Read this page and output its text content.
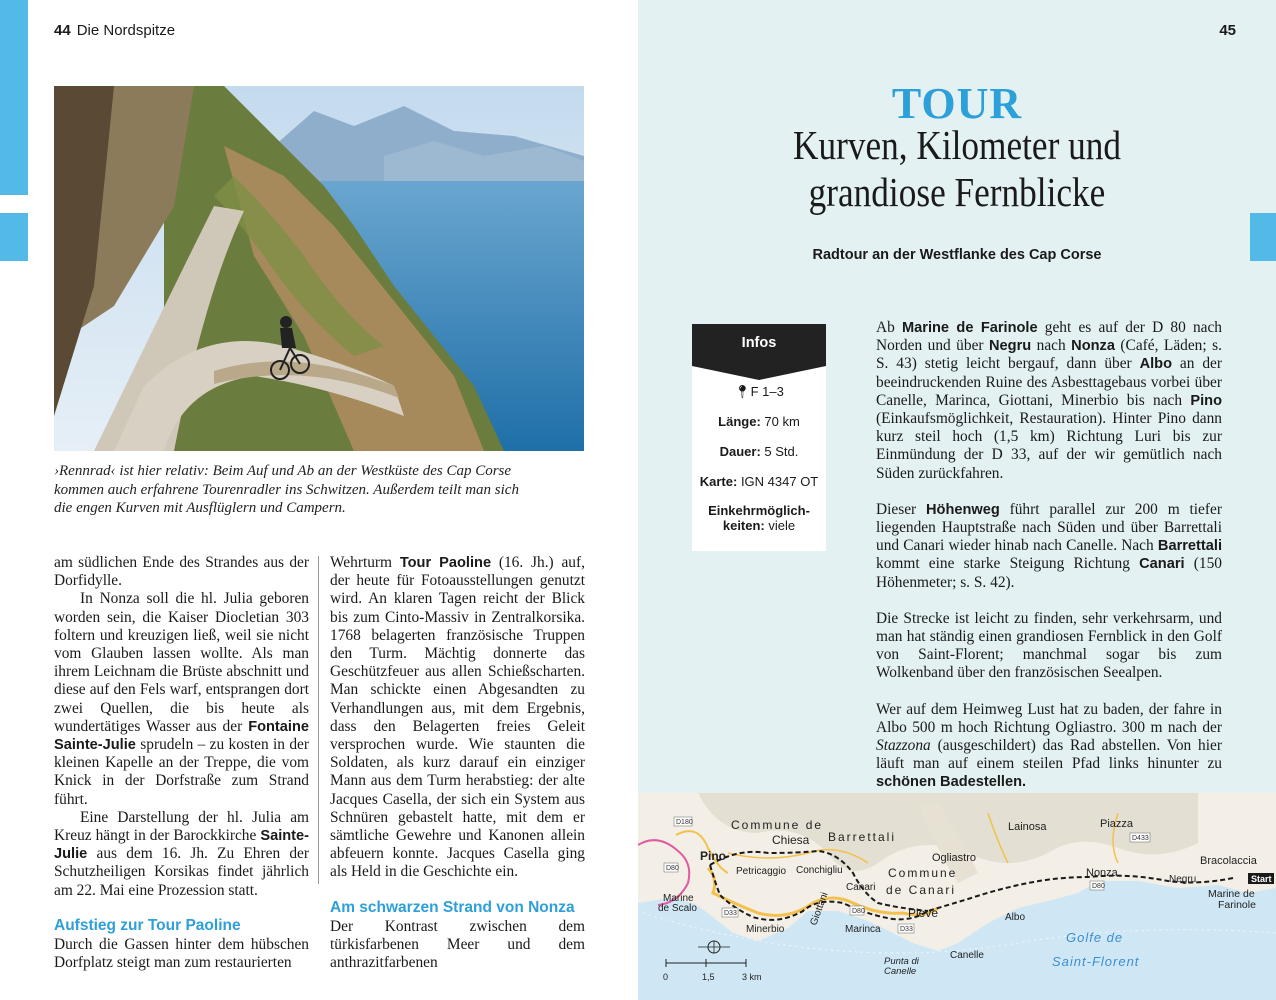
44 Die Nordspitze

›Rennrad‹ ist hier relativ: Beim Auf und Ab an der Westküste des Cap Corse kommen auch erfahrene Tourenradler ins Schwitzen. Außerdem teilt man sich die engen Kurven mit Ausflüglern und Campern.

am südlichen Ende des Strandes aus der Dorfidylle.

In Nonza soll die hl. Julia geboren worden sein, die Kaiser Diocletian 303 foltern und kreuzigen ließ, weil sie nicht vom Glauben lassen wollte. Als man ihrem Leichnam die Brüste abschnitt und diese auf den Fels warf, entsprangen dort zwei Quellen, die bis heute als wundertätiges Wasser aus der Fontaine Sainte-Julie sprudeln – zu kosten in der kleinen Kapelle an der Treppe, die vom Knick in der Dorfstraße zum Strand führt.

Eine Darstellung der hl. Julia am Kreuz hängt in der Barockkirche Sainte-Julie aus dem 16. Jh. Zu Ehren der Schutzheiligen Korsikas findet jährlich am 22. Mai eine Prozession statt.

Aufstieg zur Tour Paoline

Durch die Gassen hinter dem hübschen Dorfplatz steigt man zum restaurierten

Wehrturm Tour Paoline (16. Jh.) auf, der heute für Fotoausstellungen genutzt wird. An klaren Tagen reicht der Blick bis zum Cinto-Massiv in Zentralkorsika. 1768 belagerten französische Truppen den Turm. Mächtig donnerte das Geschützfeuer aus allen Schießscharten. Man schickte einen Abgesandten zu Verhandlungen aus, mit dem Ergebnis, dass den Belagerten freies Geleit versprochen wurde. Wie staunten die Soldaten, als kurz darauf ein einziger Mann aus dem Turm herabstieg: der alte Jacques Casella, der sich ein System aus Schnüren gebastelt hatte, mit dem er sämtliche Gewehre und Kanonen allein abfeuern konnte. Jacques Casella ging als Held in die Geschichte ein.

Am schwarzen Strand von Nonza

Der Kontrast zwischen dem türkisfarbenen Meer und dem anthrazitfarbenen

45
TOUR
Kurven, Kilometer und
grandiose Fernblicke
Radtour an der Westflanke des Cap Corse
Infos
📍︎F 1–3
Länge: 70 km
Dauer: 5 Std.
Karte: IGN 4347 OT
Einkehrmöglich-
keiten: viele

Ab Marine de Farinole geht es auf der D 80 nach Norden und über Negru nach Nonza (Café, Läden; s. S. 43) stetig leicht bergauf, dann über Albo an der beeindruckenden Ruine des Asbesttagebaus vorbei über Canelle, Marinca, Giottani, Minerbio bis nach Pino (Einkaufsmöglichkeit, Restauration). Hinter Pino dann kurz steil hoch (1,5 km) Richtung Luri bis zur Einmündung der D 33, auf der wir gemütlich nach Süden zurückfahren.

Dieser Höhenweg führt parallel zur 200 m tiefer liegenden Hauptstraße nach Süden und über Barrettali und Canari wieder hinab nach Canelle. Nach Barrettali kommt eine starke Steigung Richtung Canari (150 Höhenmeter; s. S. 42).

Die Strecke ist leicht zu finden, sehr verkehrsarm, und man hat ständig einen grandiosen Fernblick in den Golf von Saint-Florent; manchmal sogar bis zum Wolkenband über den französischen Seealpen.

Wer auf dem Heimweg Lust hat zu baden, der fahre in Albo 500 m hoch Richtung Ogliastro. 300 m nach der Stazzona (ausgeschildert) das Rad abstellen. Von hier läuft man auf einem steilen Pfad links hinunter zu schönen Badestellen.

Commune de
Chiesa Barrettali
Lainosa	Piazza
Pino
Petricaggio Conchigliu
Ogliastro
Commune
de Canari
Canari
Pieve
Nonza
Negru
Bracolaccia
Start
Marine de
Farinole
Marine
de Scalo
Minerbio
Giottani
Marinca
Albo
Punta di
Canelle
Canelle
Golfe de
Saint-Florent
D180
D80
D33	D80
D33
D433
D80
0	1,5	3 km
